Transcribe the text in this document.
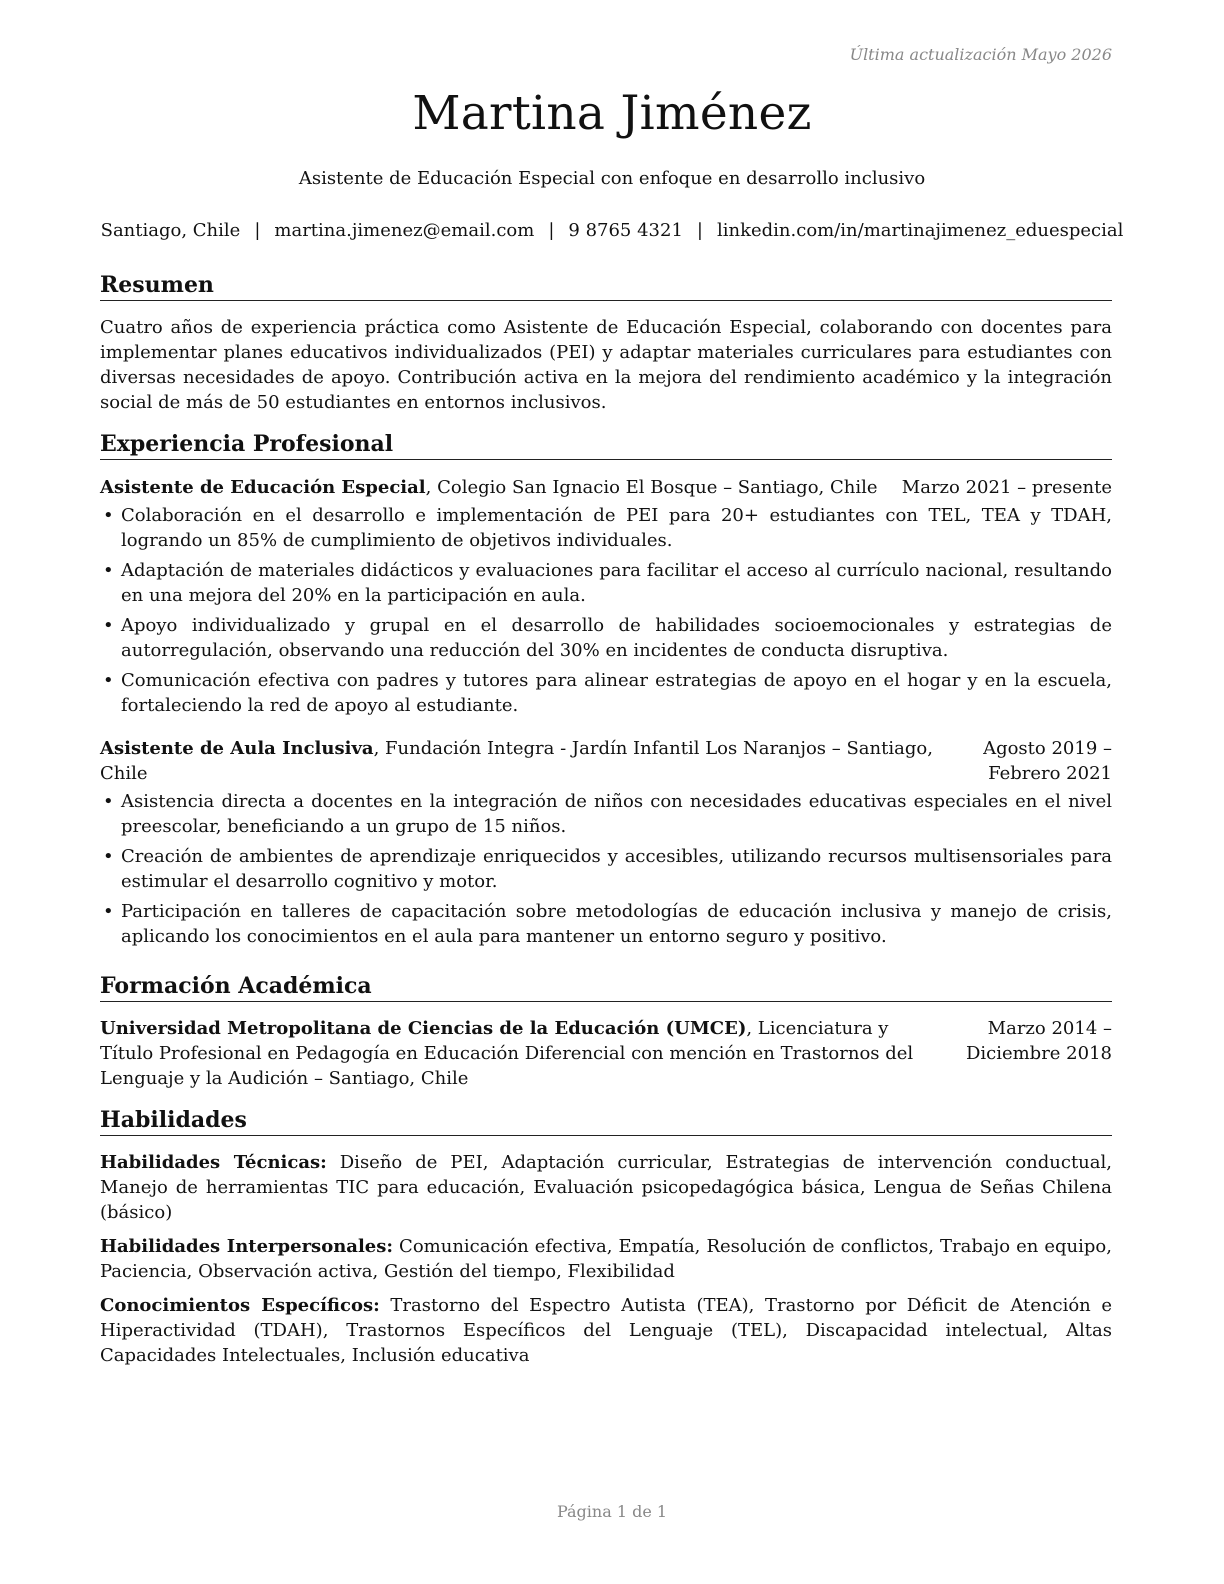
Última actualización Mayo 2026
Martina Jiménez
Asistente de Educación Especial con enfoque en desarrollo inclusivo
Santiago, Chile | martina.jimenez@email.com | 9 8765 4321 | linkedin.com/in/martinajimenez_eduespecial
Resumen

Cuatro años de experiencia práctica como Asistente de Educación Especial, colaborando con docentes para implementar planes educativos individualizados (PEI) y adaptar materiales curriculares para estudiantes con diversas necesidades de apoyo. Contribución activa en la mejora del rendimiento académico y la integración social de más de 50 estudiantes en entornos inclusivos.

Experiencia Profesional
Asistente de Educación Especial, Colegio San Ignacio El Bosque – Santiago, Chile Marzo 2021 – presente
• Colaboración en el desarrollo e implementación de PEI para 20+ estudiantes con TEL, TEA y TDAH, logrando un 85% de cumplimiento de objetivos individuales.
• Adaptación de materiales didácticos y evaluaciones para facilitar el acceso al currículo nacional, resultando en una mejora del 20% en la participación en aula.
• Apoyo individualizado y grupal en el desarrollo de habilidades socioemocionales y estrategias de autorregulación, observando una reducción del 30% en incidentes de conducta disruptiva.
• Comunicación efectiva con padres y tutores para alinear estrategias de apoyo en el hogar y en la escuela, fortaleciendo la red de apoyo al estudiante.
Asistente de Aula Inclusiva, Fundación Integra - Jardín Infantil Los Naranjos – Santiago, Chile
Agosto 2019 – Febrero 2021
• Asistencia directa a docentes en la integración de niños con necesidades educativas especiales en el nivel preescolar, beneficiando a un grupo de 15 niños.
• Creación de ambientes de aprendizaje enriquecidos y accesibles, utilizando recursos multisensoriales para estimular el desarrollo cognitivo y motor.
• Participación en talleres de capacitación sobre metodologías de educación inclusiva y manejo de crisis, aplicando los conocimientos en el aula para mantener un entorno seguro y positivo.
Formación Académica
Universidad Metropolitana de Ciencias de la Educación (UMCE), Licenciatura y Título Profesional en Pedagogía en Educación Diferencial con mención en Trastornos del Lenguaje y la Audición – Santiago, Chile
Marzo 2014 – Diciembre 2018
Habilidades

Habilidades Técnicas: Diseño de PEI, Adaptación curricular, Estrategias de intervención conductual, Manejo de herramientas TIC para educación, Evaluación psicopedagógica básica, Lengua de Señas Chilena (básico)

Habilidades Interpersonales: Comunicación efectiva, Empatía, Resolución de conflictos, Trabajo en equipo, Paciencia, Observación activa, Gestión del tiempo, Flexibilidad

Conocimientos Específicos: Trastorno del Espectro Autista (TEA), Trastorno por Déficit de Atención e Hiperactividad (TDAH), Trastornos Específicos del Lenguaje (TEL), Discapacidad intelectual, Altas Capacidades Intelectuales, Inclusión educativa

Página 1 de 1
